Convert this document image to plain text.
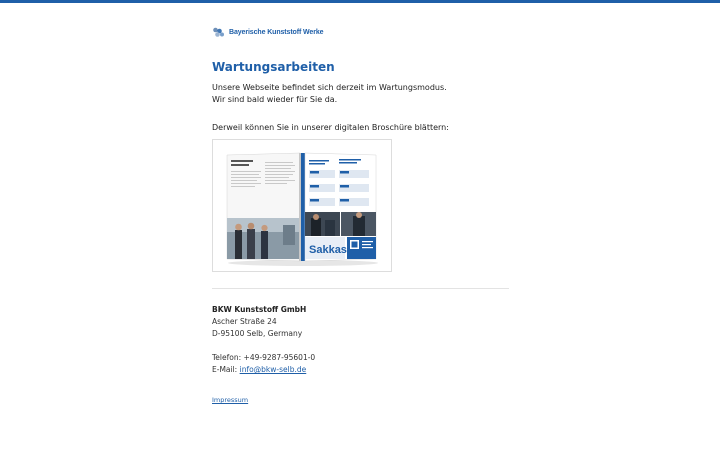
Bayerische Kunststoff Werke
Wartungsarbeiten
Unsere Webseite befindet sich derzeit im Wartungsmodus.
Wir sind bald wieder für Sie da.
Derweil können Sie in unserer digitalen Broschüre blättern:
Sakkas
BKW Kunststoff GmbH
Ascher Straße 24
D-95100 Selb, Germany
Telefon: +49-9287-95601-0
E-Mail: info@bkw-selb.de
Impressum
